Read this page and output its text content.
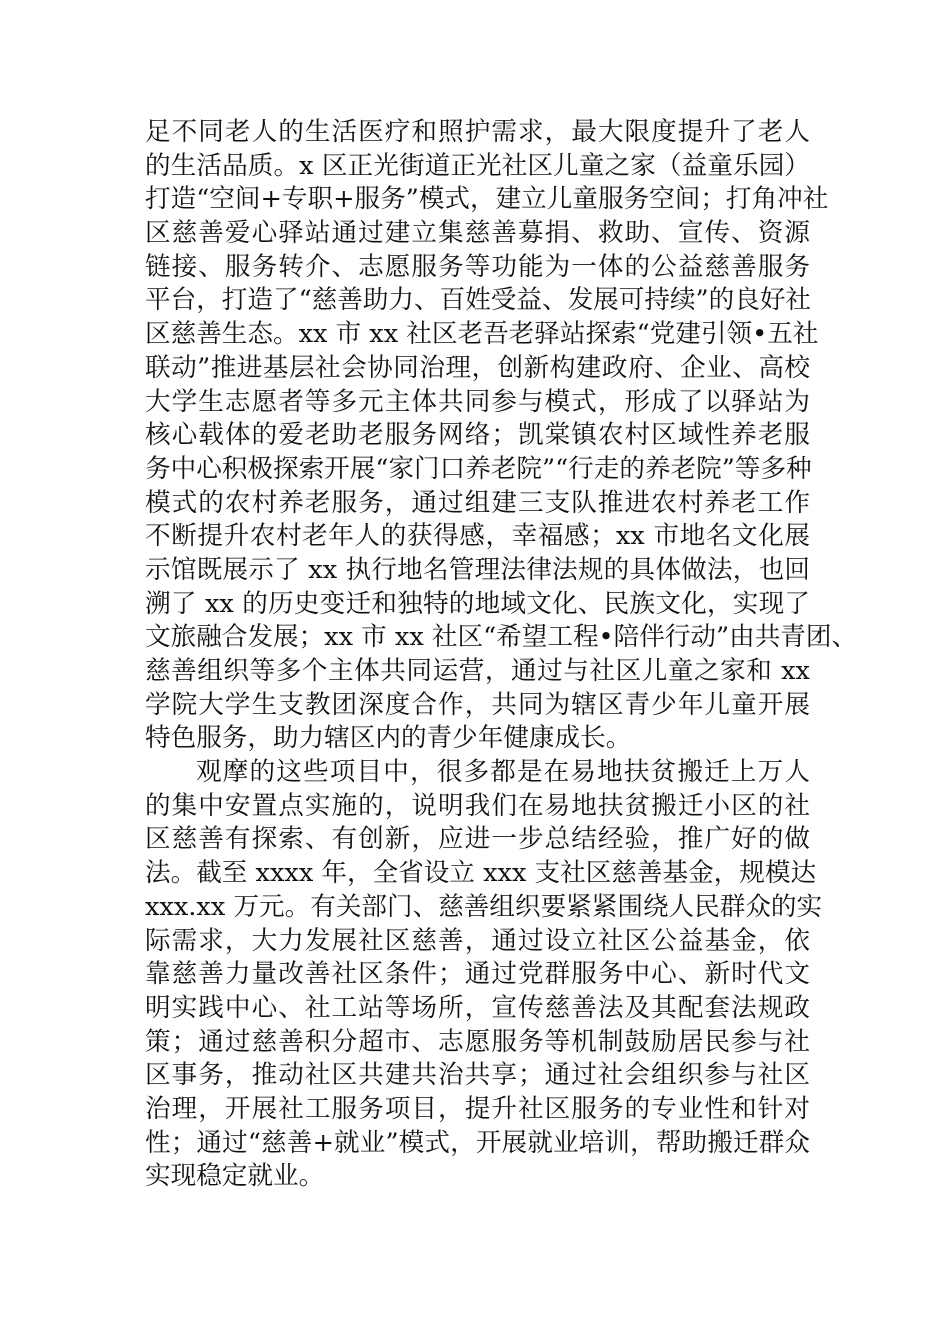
足不同老人的生活医疗和照护需求，最大限度提升了老人
的生活品质。x 区正光街道正光社区儿童之家（益童乐园）
打造“空间+专职+服务”模式，建立儿童服务空间；打角冲社
区慈善爱心驿站通过建立集慈善募捐、救助、宣传、资源
链接、服务转介、志愿服务等功能为一体的公益慈善服务
平台，打造了“慈善助力、百姓受益、发展可持续”的良好社
区慈善生态。xx 市 xx 社区老吾老驿站探索“党建引领•五社
联动”推进基层社会协同治理，创新构建政府、企业、高校
大学生志愿者等多元主体共同参与模式，形成了以驿站为
核心载体的爱老助老服务网络；凯棠镇农村区域性养老服
务中心积极探索开展“家门口养老院”“行走的养老院”等多种
模式的农村养老服务，通过组建三支队推进农村养老工作
不断提升农村老年人的获得感，幸福感；xx 市地名文化展
示馆既展示了 xx 执行地名管理法律法规的具体做法，也回
溯了 xx 的历史变迁和独特的地域文化、民族文化，实现了
文旅融合发展；xx 市 xx 社区“希望工程•陪伴行动”由共青团、
慈善组织等多个主体共同运营，通过与社区儿童之家和 xx
学院大学生支教团深度合作，共同为辖区青少年儿童开展
特色服务，助力辖区内的青少年健康成长。
观摩的这些项目中，很多都是在易地扶贫搬迁上万人
的集中安置点实施的，说明我们在易地扶贫搬迁小区的社
区慈善有探索、有创新，应进一步总结经验，推广好的做
法。截至 xxxx 年，全省设立 xxx 支社区慈善基金，规模达
xxx.xx 万元。有关部门、慈善组织要紧紧围绕人民群众的实
际需求，大力发展社区慈善，通过设立社区公益基金，依
靠慈善力量改善社区条件；通过党群服务中心、新时代文
明实践中心、社工站等场所，宣传慈善法及其配套法规政
策；通过慈善积分超市、志愿服务等机制鼓励居民参与社
区事务，推动社区共建共治共享；通过社会组织参与社区
治理，开展社工服务项目，提升社区服务的专业性和针对
性；通过“慈善+就业”模式，开展就业培训，帮助搬迁群众
实现稳定就业。
